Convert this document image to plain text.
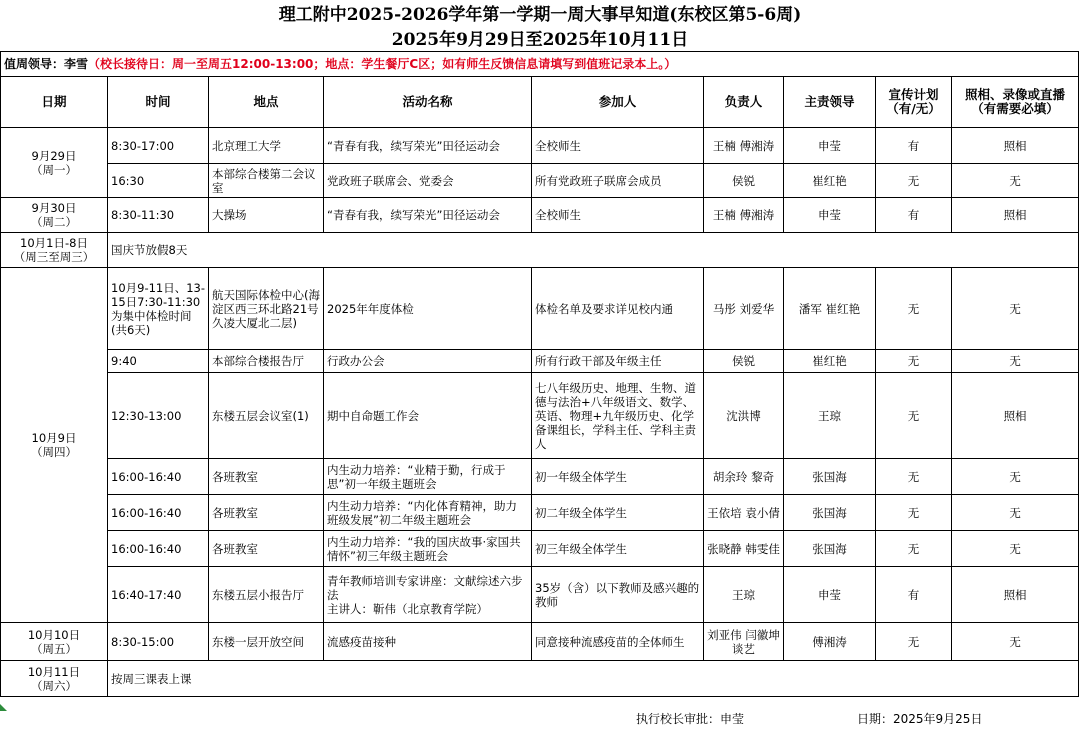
理工附中2025-2026学年第一学期一周大事早知道(东校区第5-6周)
2025年9月29日至2025年10月11日
值周领导：李雪（校长接待日：周一至周五12:00-13:00；地点：学生餐厅C区；如有师生反馈信息请填写到值班记录本上。）								
日期	时间	地点	活动名称	参加人	负责人	主责领导	宣传计划（有/无）	照相、录像或直播（有需要必填）
9月29日
（周一）	8:30-17:00	北京理工大学	“青春有我，续写荣光”田径运动会	全校师生	王楠 傅湘涛	申莹	有	照相
	16:30	本部综合楼第二会议室	党政班子联席会、党委会	所有党政班子联席会成员	侯锐	崔红艳	无	无
9月30日
（周二）	8:30-11:30	大操场	“青春有我，续写荣光”田径运动会	全校师生	王楠 傅湘涛	申莹	有	照相
10月1日-8日
（周三至周三）	国庆节放假8天							
10月9日
（周四）	10月9-11日、13-15日7:30-11:30为集中体检时间(共6天)	航天国际体检中心(海淀区西三环北路21号久凌大厦北二层)	2025年年度体检	体检名单及要求详见校内通	马彤 刘爱华	潘军 崔红艳	无	无
	9:40	本部综合楼报告厅	行政办公会	所有行政干部及年级主任	侯锐	崔红艳	无	无
	12:30-13:00	东楼五层会议室(1)	期中自命题工作会	七八年级历史、地理、生物、道德与法治+八年级语文、数学、英语、物理+九年级历史、化学备课组长，学科主任、学科主责人	沈洪博	王琼	无	照相
	16:00-16:40	各班教室	内生动力培养：“业精于勤，行成于思”初一年级主题班会	初一年级全体学生	胡余玲 黎奇	张国海	无	无
	16:00-16:40	各班教室	内生动力培养：“内化体育精神，助力班级发展”初二年级主题班会	初二年级全体学生	王依培 袁小倩	张国海	无	无
	16:00-16:40	各班教室	内生动力培养：“我的国庆故事·家国共情怀”初三年级主题班会	初三年级全体学生	张晓静 韩雯佳	张国海	无	无
	16:40-17:40	东楼五层小报告厅	青年教师培训专家讲座：文献综述六步法
主讲人：靳伟（北京教育学院）	35岁（含）以下教师及感兴趣的教师	王琼	申莹	有	照相
10月10日
（周五）	8:30-15:00	东楼一层开放空间	流感疫苗接种	同意接种流感疫苗的全体师生	刘亚伟 闫徽坤 谈艺	傅湘涛	无	无
10月11日
（周六）	按周三课表上课							
执行校长审批：申莹	日期：2025年9月25日
